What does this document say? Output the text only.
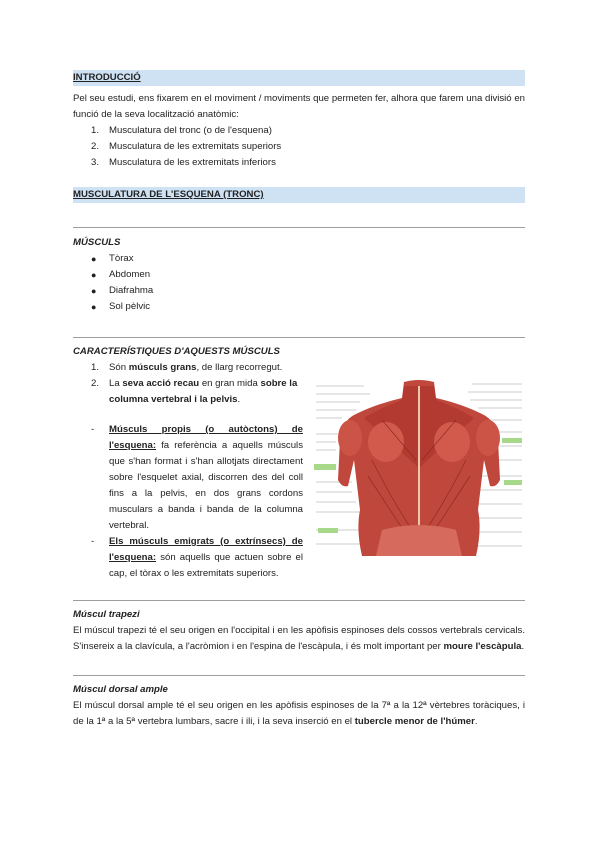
INTRODUCCIÓ

Pel seu estudi, ens fixarem en el moviment / moviments que permeten fer, alhora que farem una divisió en funció de la seva localització anatòmic:

1. Musculatura del tronc (o de l'esquena)
2. Musculatura de les extremitats superiors
3. Musculatura de les extremitats inferiors
MUSCULATURA DE L'ESQUENA (TRONC)
MÚSCULS
● Tòrax
● Abdomen
● Diafrahma
● Sol pèlvic
CARACTERÍSTIQUES D'AQUESTS MÚSCULS
1. Són músculs grans, de llarg recorregut.
2. La seva acció recau en gran mida sobre la columna vertebral i la pelvis.
- Músculs propis (o autòctons) de l'esquena: fa referència a aquells músculs que s'han format i s'han allotjats directament sobre l'esquelet axial, discorren des del coll fins a la pelvis, en dos grans cordons musculars a banda i banda de la columna vertebral.
- Els músculs emigrats (o extrínsecs) de l'esquena: són aquells que actuen sobre el cap, el tòrax o les extremitats superiors.
Múscul trapezi

El múscul trapezi té el seu origen en l'occipital i en les apòfisis espinoses dels cossos vertebrals cervicals. S'insereix a la clavícula, a l'acròmion i en l'espina de l'escàpula, i és molt important per moure l'escàpula.

Múscul dorsal ample

El múscul dorsal ample té el seu origen en les apòfisis espinoses de la 7ª a la 12ª vèrtebres toràciques, i de la 1ª a la 5ª vertebra lumbars, sacre i ili, i la seva inserció en el tubercle menor de l'húmer.
